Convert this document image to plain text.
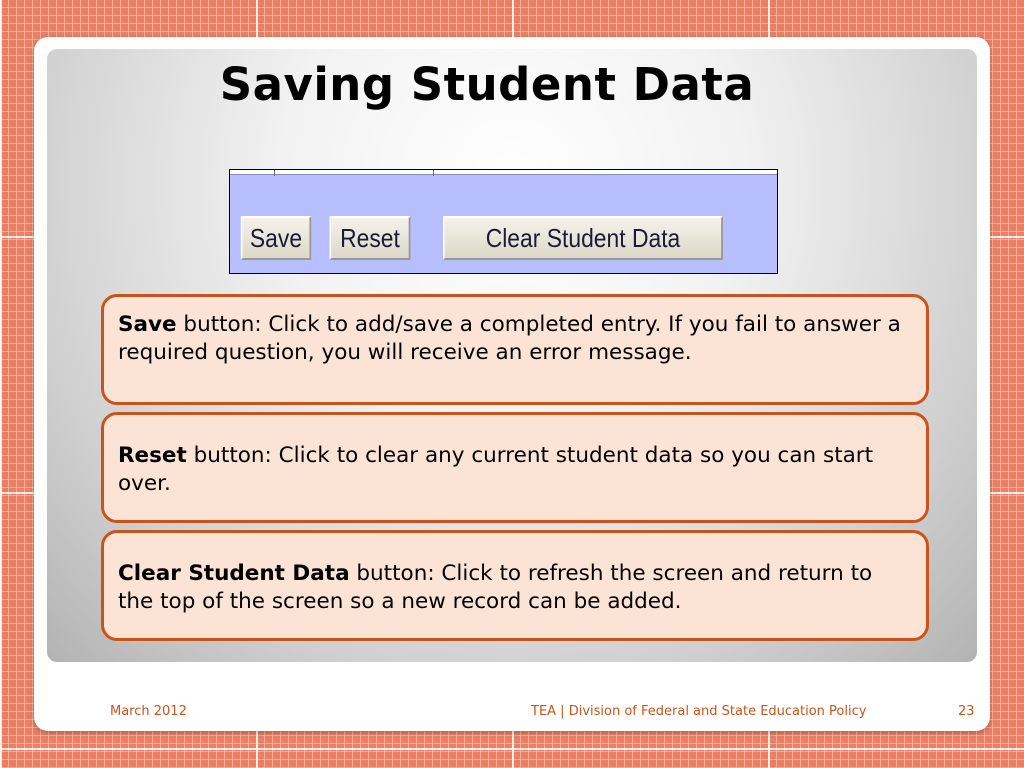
Saving Student Data
Save	Reset	Clear Student Data
Save button: Click to add/save a completed entry. If you fail to answer a required question, you will receive an error message.
Reset button: Click to clear any current student data so you can start over.
Clear Student Data button: Click to refresh the screen and return to the top of the screen so a new record can be added.

March 2012	TEA | Division of Federal and State Education Policy	23
